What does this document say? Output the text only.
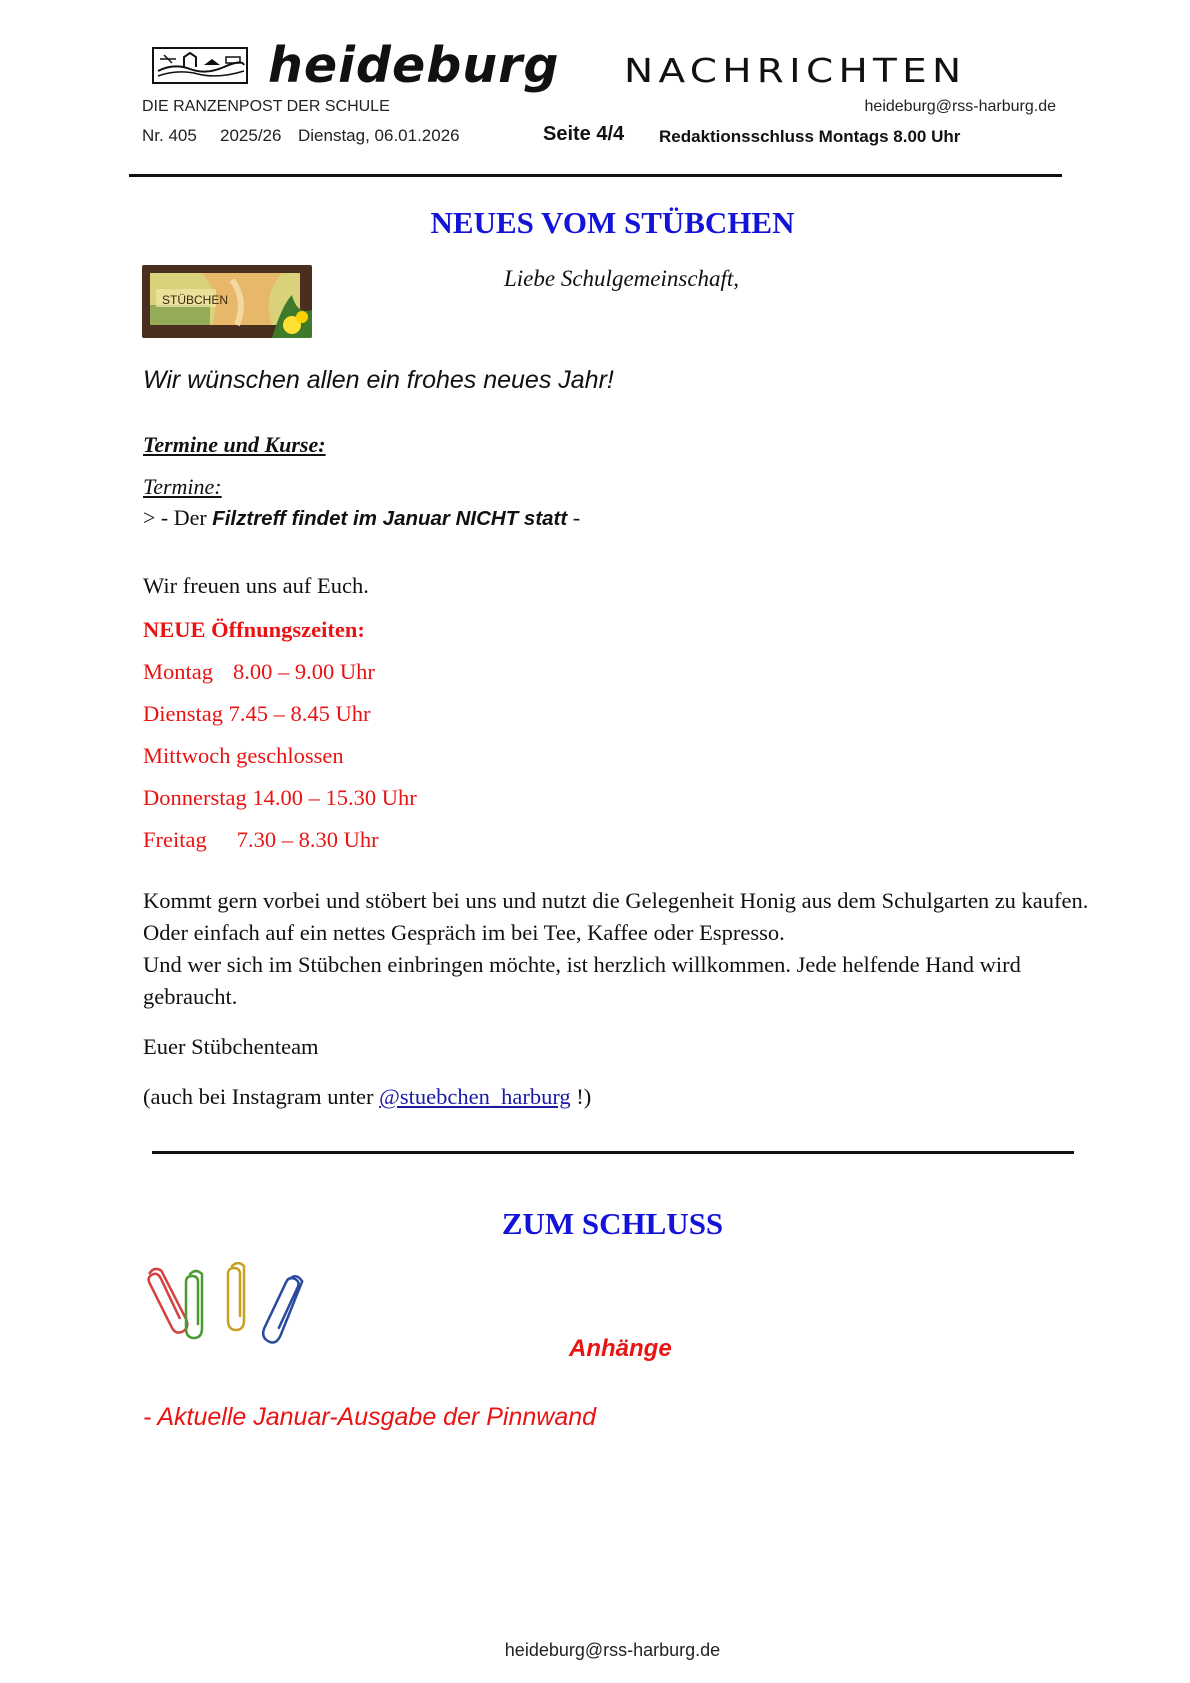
heideburg NACHRICHTEN
DIE RANZENPOST DER SCHULE	heideburg@rss-harburg.de
Nr. 405 2025/26 Dienstag, 06.01.2026	Seite 4/4 Redaktionsschluss Montags 8.00 Uhr
NEUES VOM STÜBCHEN
STÜBCHEN
Liebe Schulgemeinschaft,
Wir wünschen allen ein frohes neues Jahr!
Termine und Kurse:
Termine:
> - Der Filztreff findet im Januar NICHT statt -
Wir freuen uns auf Euch.
NEUE Öffnungszeiten:
Montag 8.00 – 9.00 Uhr
Dienstag 7.45 – 8.45 Uhr
Mittwoch geschlossen
Donnerstag 14.00 – 15.30 Uhr
Freitag 7.30 – 8.30 Uhr
Kommt gern vorbei und stöbert bei uns und nutzt die Gelegenheit Honig aus dem Schulgarten zu kaufen. Oder einfach auf ein nettes Gespräch im bei Tee, Kaffee oder Espresso.
Und wer sich im Stübchen einbringen möchte, ist herzlich willkommen. Jede helfende Hand wird gebraucht.
Euer Stübchenteam
(auch bei Instagram unter @stuebchen_harburg !)
ZUM SCHLUSS
Anhänge
- Aktuelle Januar-Ausgabe der Pinnwand
heideburg@rss-harburg.de
